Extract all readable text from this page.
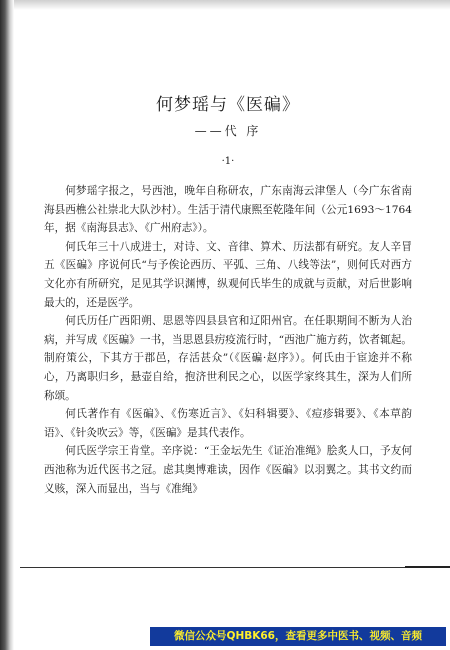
何梦瑶与《医碥》
——代 序
·1·

何梦瑶字报之，号西池，晚年自称研农，广东南海云津堡人（今广东省南海县西樵公社崇北大队沙村）。生活于清代康熙至乾隆年间（公元1693～1764年，据《南海县志》、《广州府志》）。

何氏年三十八成进士，对诗、文、音律、算术、历法都有研究。友人辛冒五《医碥》序说何氏“与予俟论西历、平弧、三角、八线等法”，则何氏对西方文化亦有所研究，足见其学识渊博，纵观何氏毕生的成就与贡献，对后世影响最大的，还是医学。

何氏历任广西阳朔、思恩等四县县官和辽阳州官。在任职期间不断为人治病，并写成《医碥》一书，当思恩县疠疫流行时，“西池广施方药，饮者辄起。制府策公，下其方于郡邑，存活甚众”（《医碥·赵序》）。何氏由于宦途并不称心，乃离职归乡，悬壶自给，抱济世利民之心，以医学家终其生，深为人们所称颂。

何氏著作有《医碥》、《伤寒近言》、《妇科辑要》、《痘疹辑要》、《本草韵语》、《针灸吹云》等，《医碥》是其代表作。

何氏医学宗王肯堂。辛序说：“王金坛先生《证治准绳》脍炙人口，予友何西池称为近代医书之冠。虑其奥博难读，因作《医碥》以羽翼之。其书文约而义赅，深入而显出，当与《准绳》

微信公众号QHBK66，查看更多中医书、视频、音频
